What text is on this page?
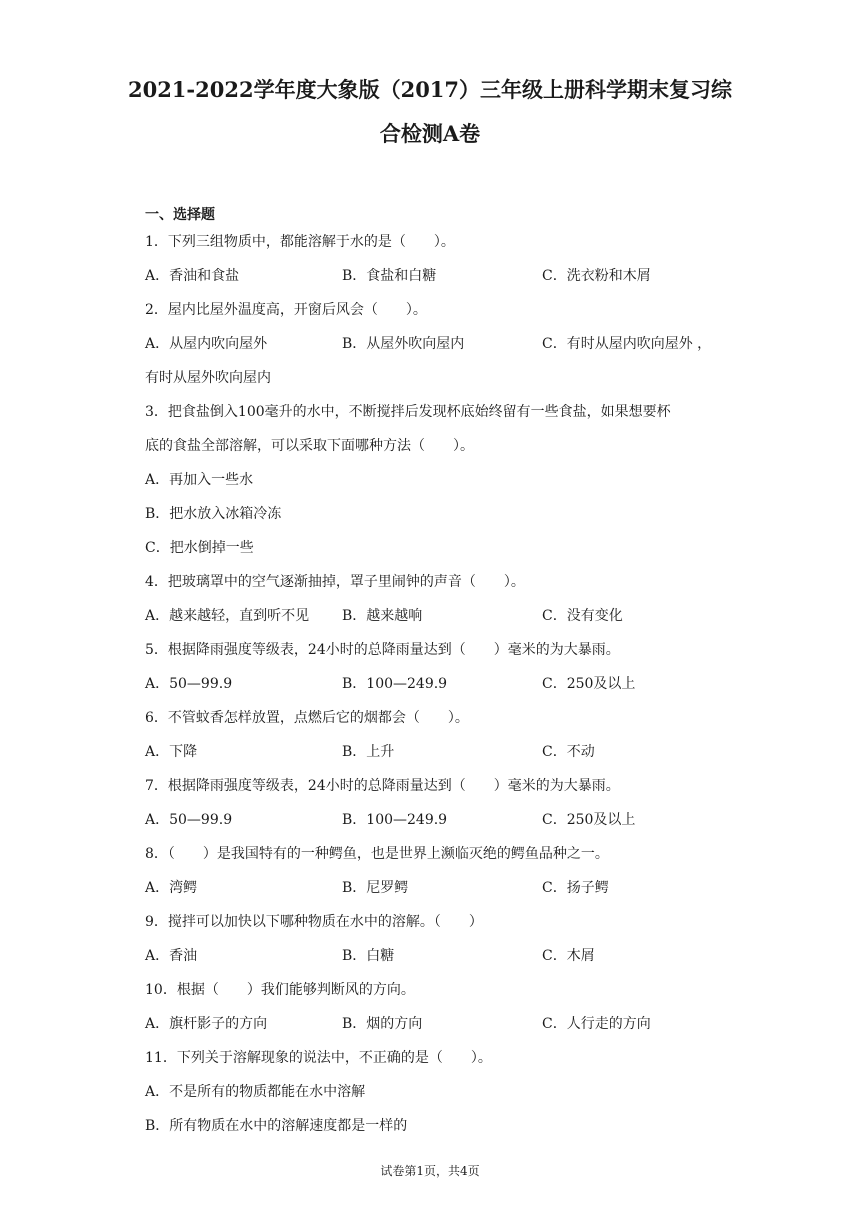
2021-2022学年度大象版（2017）三年级上册科学期末复习综
合检测A卷

一、选择题

1．下列三组物质中，都能溶解于水的是（　　）。

A．香油和食盐	B．食盐和白糖	C．洗衣粉和木屑

2．屋内比屋外温度高，开窗后风会（　　）。

A．从屋内吹向屋外	B．从屋外吹向屋内	C．有时从屋内吹向屋外 ，

有时从屋外吹向屋内

3．把食盐倒入100毫升的水中，不断搅拌后发现杯底始终留有一些食盐，如果想要杯

底的食盐全部溶解，可以采取下面哪种方法（　　）。

A．再加入一些水

B．把水放入冰箱冷冻

C．把水倒掉一些

4．把玻璃罩中的空气逐渐抽掉，罩子里闹钟的声音（　　）。

A．越来越轻，直到听不见 B．越来越响	C．没有变化

5．根据降雨强度等级表，24小时的总降雨量达到（　　）毫米的为大暴雨。

A．50—99.9	B．100—249.9	C．250及以上

6．不管蚊香怎样放置，点燃后它的烟都会（　　）。

A．下降	B．上升	C．不动

7．根据降雨强度等级表，24小时的总降雨量达到（　　）毫米的为大暴雨。

A．50—99.9	B．100—249.9	C．250及以上

8．（　　）是我国特有的一种鳄鱼，也是世界上濒临灭绝的鳄鱼品种之一。

A．湾鳄	B．尼罗鳄	C．扬子鳄

9．搅拌可以加快以下哪种物质在水中的溶解。（　　）

A．香油	B．白糖	C．木屑

10．根据（　　）我们能够判断风的方向。

A．旗杆影子的方向	B．烟的方向	C．人行走的方向

11．下列关于溶解现象的说法中，不正确的是（　　）。

A．不是所有的物质都能在水中溶解

B．所有物质在水中的溶解速度都是一样的

试卷第1页，共4页
